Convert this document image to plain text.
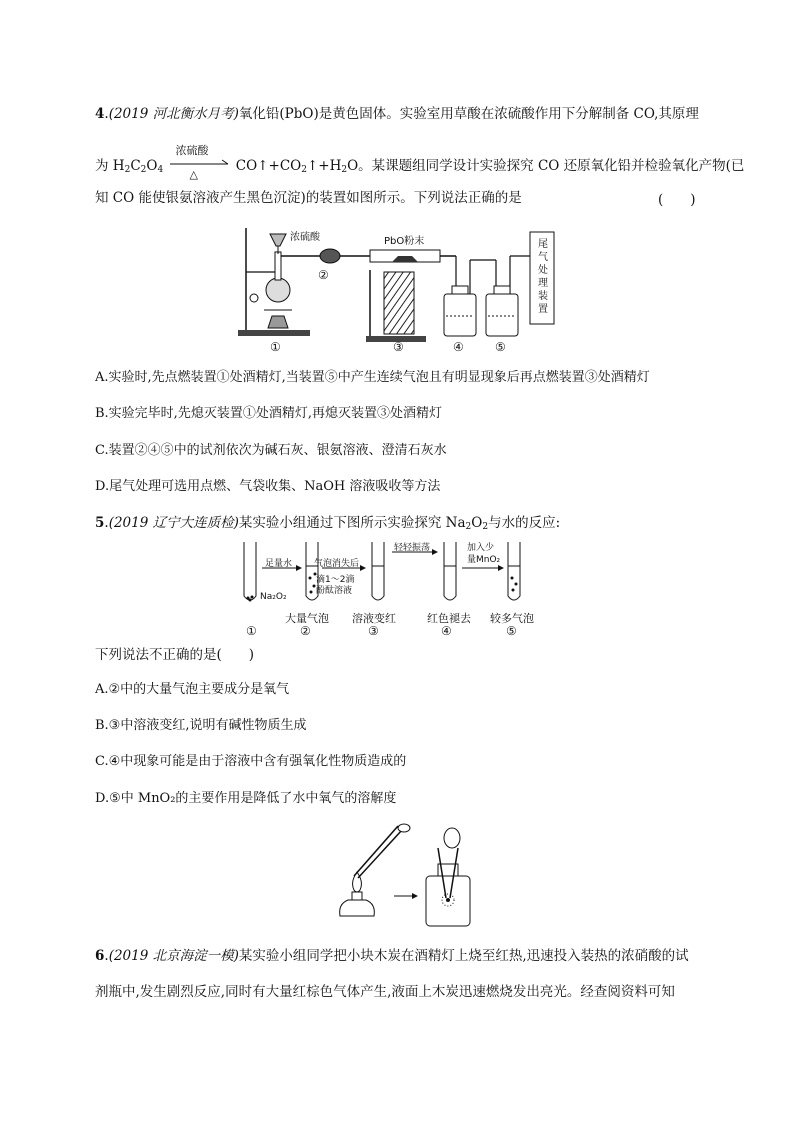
4.(2019 河北衡水月考)氧化铅(PbO)是黄色固体。实验室用草酸在浓硫酸作用下分解制备 CO,其原理
为 $H_2C_2O_4$
浓硫酸
△	$CO↑+CO_2↑+H_2O$。某课题组同学设计实验探究 CO 还原氧化铅并检验氧化产物(已
知 CO 能使银氨溶液产生黑色沉淀)的装置如图所示。下列说法正确的是	(　　)
浓硫酸	PbO粉末	尾
气
处
理
装
置
②
①	③	④	⑤
A.实验时,先点燃装置①处酒精灯,当装置⑤中产生连续气泡且有明显现象后再点燃装置③处酒精灯
B.实验完毕时,先熄灭装置①处酒精灯,再熄灭装置③处酒精灯
C.装置②④⑤中的试剂依次为碱石灰、银氨溶液、澄清石灰水
D.尾气处理可选用点燃、气袋收集、NaOH 溶液吸收等方法
5.(2019 辽宁大连质检)某实验小组通过下图所示实验探究 $Na_2O_2$与水的反应:
足量水
Na₂O₂
气泡消失后
滴1～2滴
酚酞溶液
轻轻振荡	加入少
量MnO₂
大量气泡 溶液变红	红色褪去 较多气泡
①	②	③	④	⑤
下列说法不正确的是(　　)
A.②中的大量气泡主要成分是氧气
B.③中溶液变红,说明有碱性物质生成
C.④中现象可能是由于溶液中含有强氧化性物质造成的
D.⑤中 MnO₂的主要作用是降低了水中氧气的溶解度
6.(2019 北京海淀一模)某实验小组同学把小块木炭在酒精灯上烧至红热,迅速投入装热的浓硝酸的试
剂瓶中,发生剧烈反应,同时有大量红棕色气体产生,液面上木炭迅速燃烧发出亮光。经查阅资料可知
